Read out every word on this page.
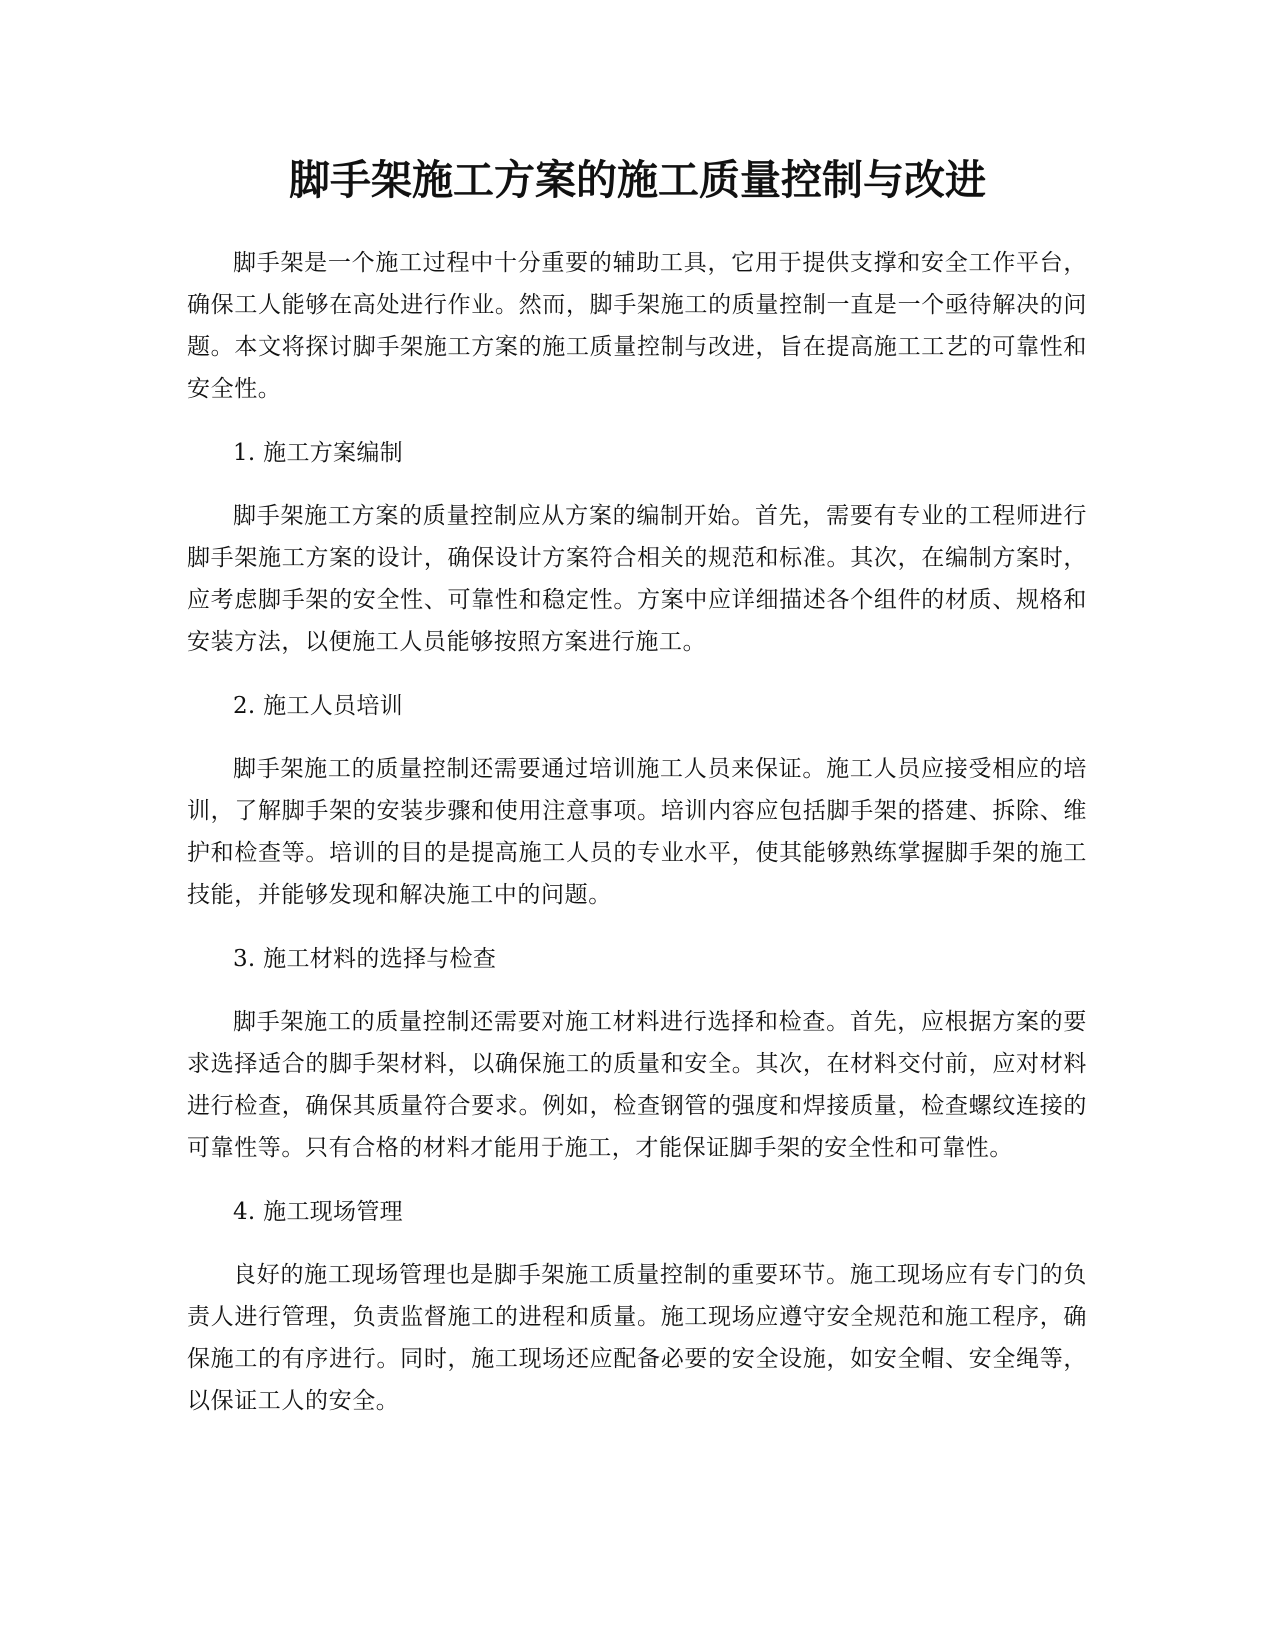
脚手架施工方案的施工质量控制与改进

脚手架是一个施工过程中十分重要的辅助工具，它用于提供支撑和安全工作平台，确保工人能够在高处进行作业。然而，脚手架施工的质量控制一直是一个亟待解决的问题。本文将探讨脚手架施工方案的施工质量控制与改进，旨在提高施工工艺的可靠性和安全性。

1. 施工方案编制

脚手架施工方案的质量控制应从方案的编制开始。首先，需要有专业的工程师进行脚手架施工方案的设计，确保设计方案符合相关的规范和标准。其次，在编制方案时，应考虑脚手架的安全性、可靠性和稳定性。方案中应详细描述各个组件的材质、规格和安装方法，以便施工人员能够按照方案进行施工。

2. 施工人员培训

脚手架施工的质量控制还需要通过培训施工人员来保证。施工人员应接受相应的培训，了解脚手架的安装步骤和使用注意事项。培训内容应包括脚手架的搭建、拆除、维护和检查等。培训的目的是提高施工人员的专业水平，使其能够熟练掌握脚手架的施工技能，并能够发现和解决施工中的问题。

3. 施工材料的选择与检查

脚手架施工的质量控制还需要对施工材料进行选择和检查。首先，应根据方案的要求选择适合的脚手架材料，以确保施工的质量和安全。其次，在材料交付前，应对材料进行检查，确保其质量符合要求。例如，检查钢管的强度和焊接质量，检查螺纹连接的可靠性等。只有合格的材料才能用于施工，才能保证脚手架的安全性和可靠性。

4. 施工现场管理

良好的施工现场管理也是脚手架施工质量控制的重要环节。施工现场应有专门的负责人进行管理，负责监督施工的进程和质量。施工现场应遵守安全规范和施工程序，确保施工的有序进行。同时，施工现场还应配备必要的安全设施，如安全帽、安全绳等，以保证工人的安全。
